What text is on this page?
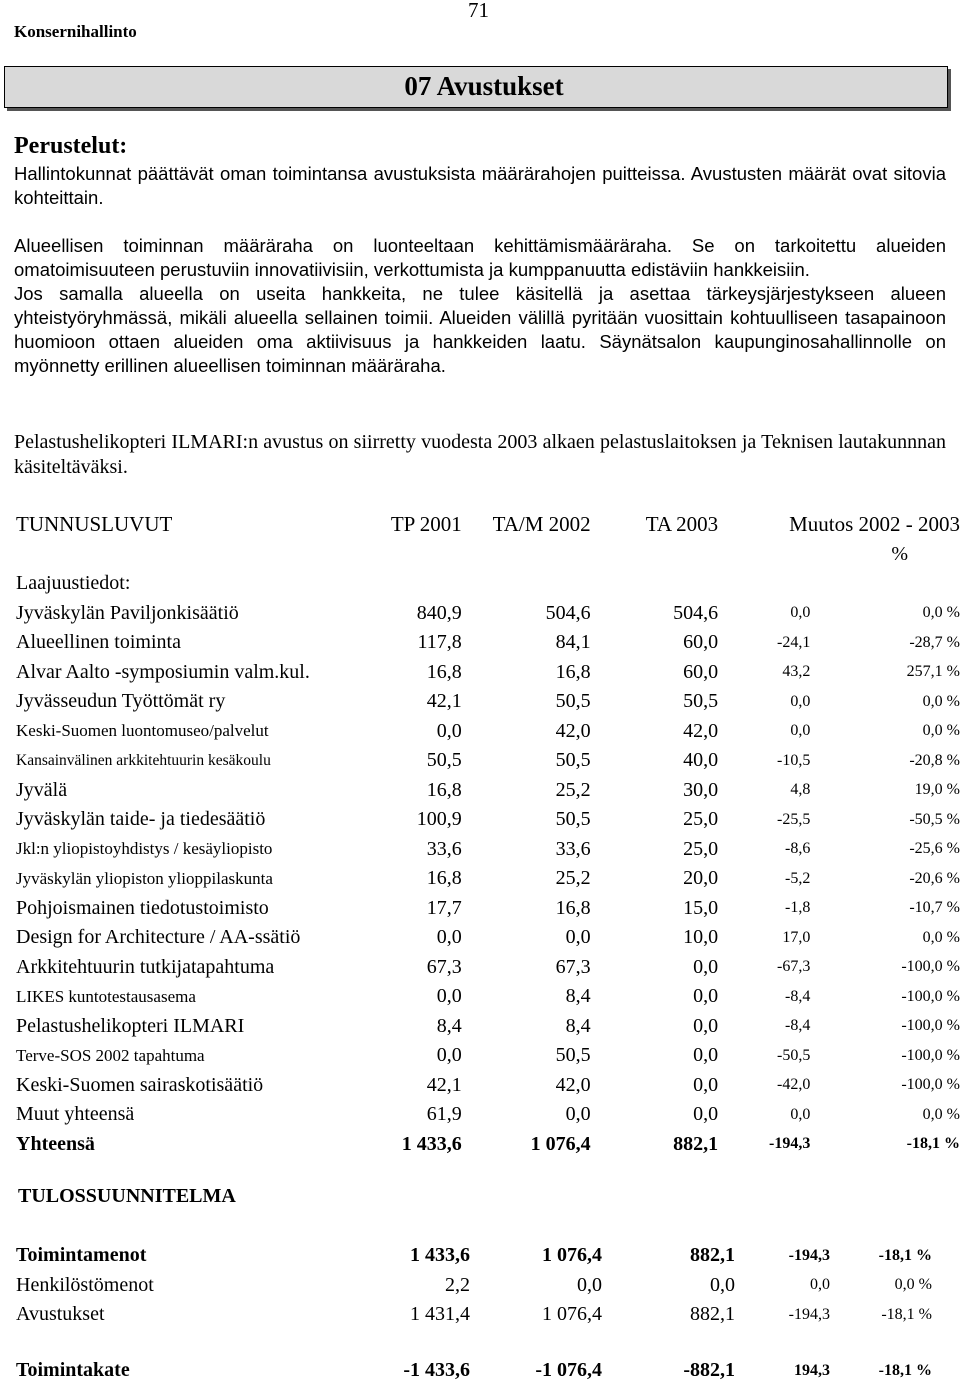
Konsernihallinto
71
07 Avustukset
Perustelut:
Hallintokunnat päättävät oman toimintansa avustuksista määrärahojen puitteissa. Avustusten määrät ovat sitovia kohteittain.
Alueellisen toiminnan määräraha on luonteeltaan kehittämismääräraha. Se on tarkoitettu alueiden omatoimisuuteen perustuviin innovatiivisiin, verkottumista ja kumppanuutta edistäviin hankkeisiin.
Jos samalla alueella on useita hankkeita, ne tulee käsitellä ja asettaa tärkeysjärjestykseen alueen yhteistyöryhmässä, mikäli alueella sellainen toimii. Alueiden välillä pyritään vuosittain kohtuulliseen tasapainoon huomioon ottaen alueiden oma aktiivisuus ja hankkeiden laatu. Säynätsalon kaupunginosahallinnolle on myönnetty erillinen alueellisen toiminnan määräraha.
Pelastushelikopteri ILMARI:n avustus on siirretty vuodesta 2003 alkaen pelastuslaitoksen ja Teknisen lautakunnnan käsiteltäväksi.
TUNNUSLUVUT	TP 2001	TA/M 2002	TA 2003	Muutos 2002 - 2003	
					%
Laajuustiedot:					
Jyväskylän Paviljonkisäätiö	840,9	504,6	504,6	0,0	0,0 %
Alueellinen toiminta	117,8	84,1	60,0	-24,1	-28,7 %
Alvar Aalto -symposiumin valm.kul.	16,8	16,8	60,0	43,2	257,1 %
Jyvässeudun Työttömät ry	42,1	50,5	50,5	0,0	0,0 %
Keski-Suomen luontomuseo/palvelut	0,0	42,0	42,0	0,0	0,0 %
Kansainvälinen arkkitehtuurin kesäkoulu	50,5	50,5	40,0	-10,5	-20,8 %
Jyvälä	16,8	25,2	30,0	4,8	19,0 %
Jyväskylän taide- ja tiedesäätiö	100,9	50,5	25,0	-25,5	-50,5 %
Jkl:n yliopistoyhdistys / kesäyliopisto	33,6	33,6	25,0	-8,6	-25,6 %
Jyväskylän yliopiston ylioppilaskunta	16,8	25,2	20,0	-5,2	-20,6 %
Pohjoismainen tiedotustoimisto	17,7	16,8	15,0	-1,8	-10,7 %
Design for Architecture / AA-ssätiö	0,0	0,0	10,0	17,0	0,0 %
Arkkitehtuurin tutkijatapahtuma	67,3	67,3	0,0	-67,3	-100,0 %
LIKES kuntotestausasema	0,0	8,4	0,0	-8,4	-100,0 %
Pelastushelikopteri ILMARI	8,4	8,4	0,0	-8,4	-100,0 %
Terve-SOS 2002 tapahtuma	0,0	50,5	0,0	-50,5	-100,0 %
Keski-Suomen sairaskotisäätiö	42,1	42,0	0,0	-42,0	-100,0 %
Muut yhteensä	61,9	0,0	0,0	0,0	0,0 %
Yhteensä	1 433,6	1 076,4	882,1	-194,3	-18,1 %
TULOSSUUNNITELMA
Toimintamenot	1 433,6	1 076,4	882,1	-194,3	-18,1 %
Henkilöstömenot	2,2	0,0	0,0	0,0	0,0 %
Avustukset	1 431,4	1 076,4	882,1	-194,3	-18,1 %
Toimintakate	-1 433,6	-1 076,4	-882,1	194,3	-18,1 %
